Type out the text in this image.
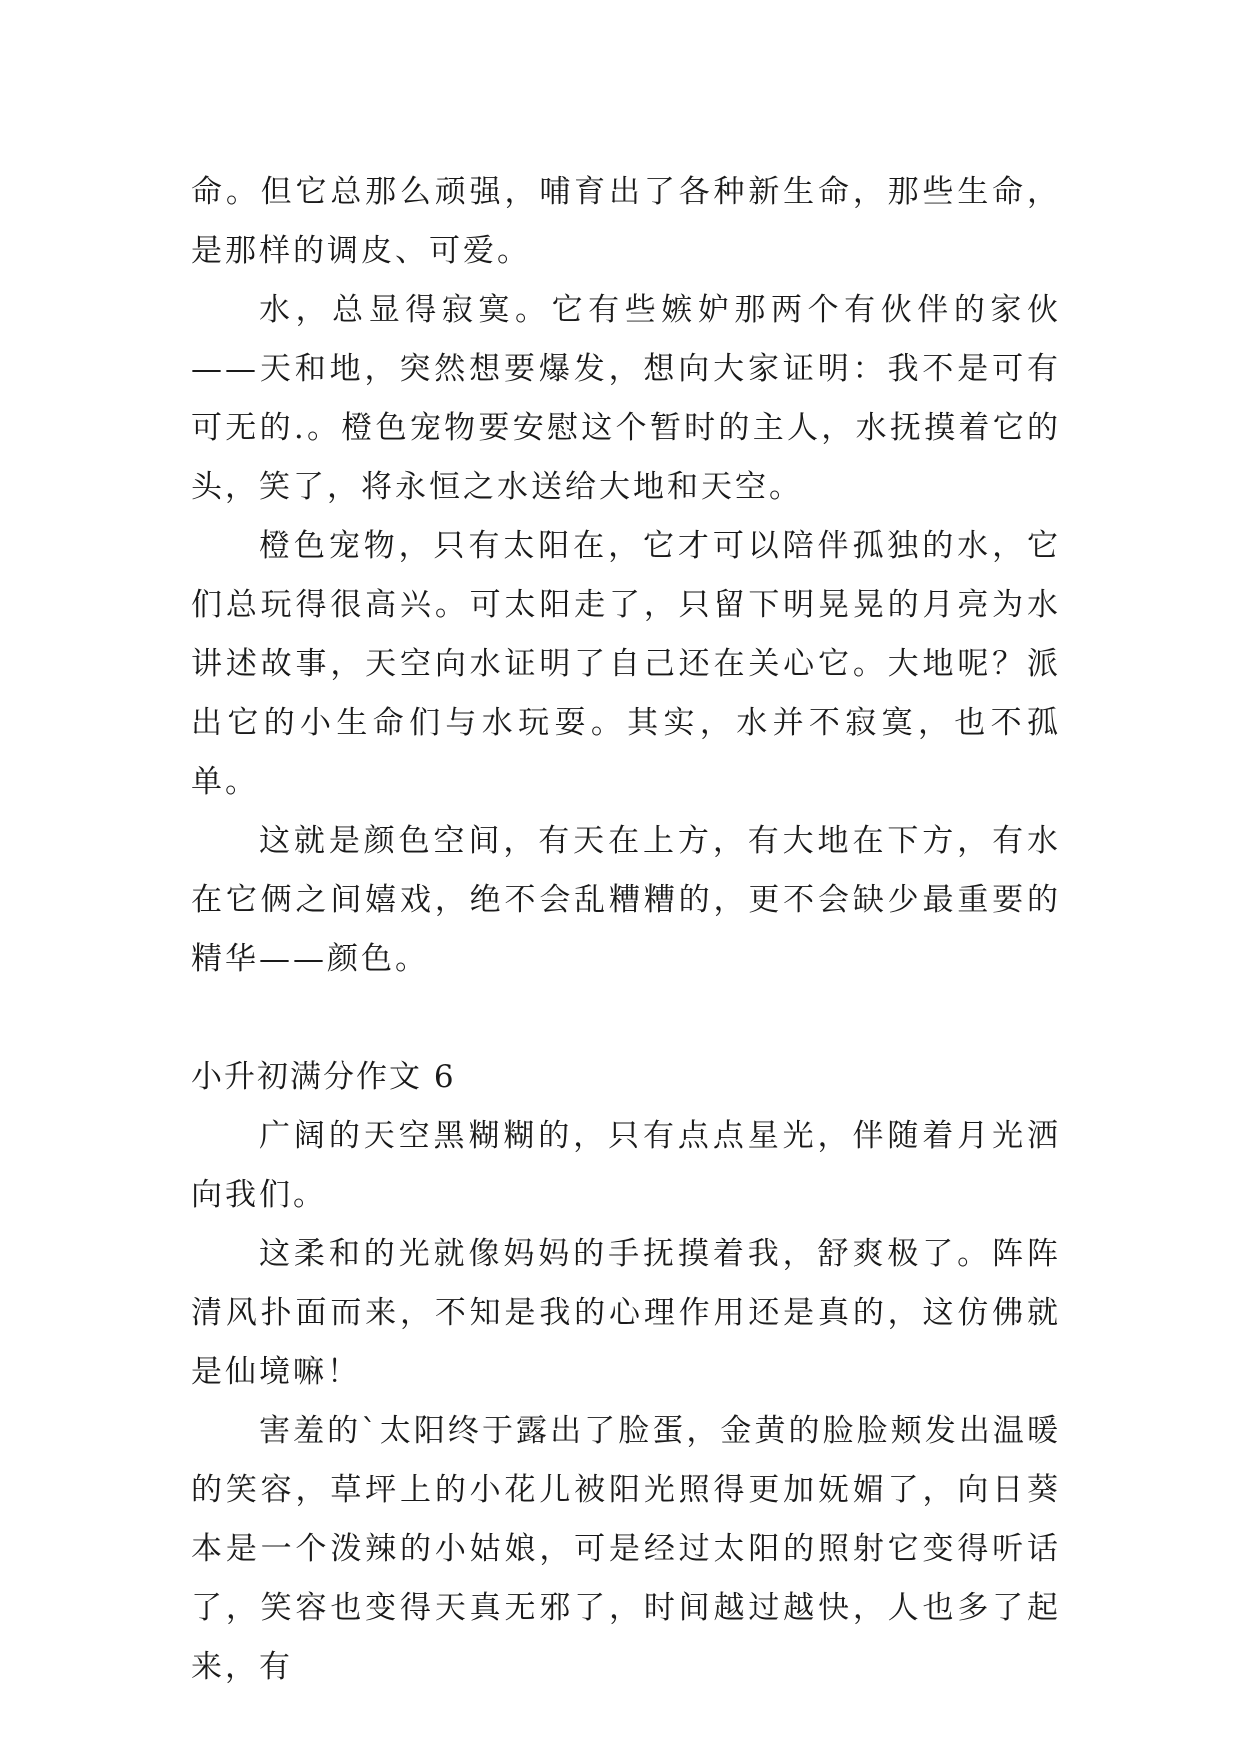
命。但它总那么顽强，哺育出了各种新生命，那些生命，是那样的调皮、可爱。

水，总显得寂寞。它有些嫉妒那两个有伙伴的家伙——天和地，突然想要爆发，想向大家证明：我不是可有可无的.。橙色宠物要安慰这个暂时的主人，水抚摸着它的头，笑了，将永恒之水送给大地和天空。

橙色宠物，只有太阳在，它才可以陪伴孤独的水，它们总玩得很高兴。可太阳走了，只留下明晃晃的月亮为水讲述故事，天空向水证明了自己还在关心它。大地呢？派出它的小生命们与水玩耍。其实，水并不寂寞，也不孤单。

这就是颜色空间，有天在上方，有大地在下方，有水在它俩之间嬉戏，绝不会乱糟糟的，更不会缺少最重要的精华——颜色。

小升初满分作文 6

广阔的天空黑糊糊的，只有点点星光，伴随着月光洒向我们。

这柔和的光就像妈妈的手抚摸着我，舒爽极了。阵阵清风扑面而来，不知是我的心理作用还是真的，这仿佛就是仙境嘛！

害羞的`太阳终于露出了脸蛋，金黄的脸脸颊发出温暖的笑容，草坪上的小花儿被阳光照得更加妩媚了，向日葵本是一个泼辣的小姑娘，可是经过太阳的照射它变得听话了，笑容也变得天真无邪了，时间越过越快，人也多了起来，有
